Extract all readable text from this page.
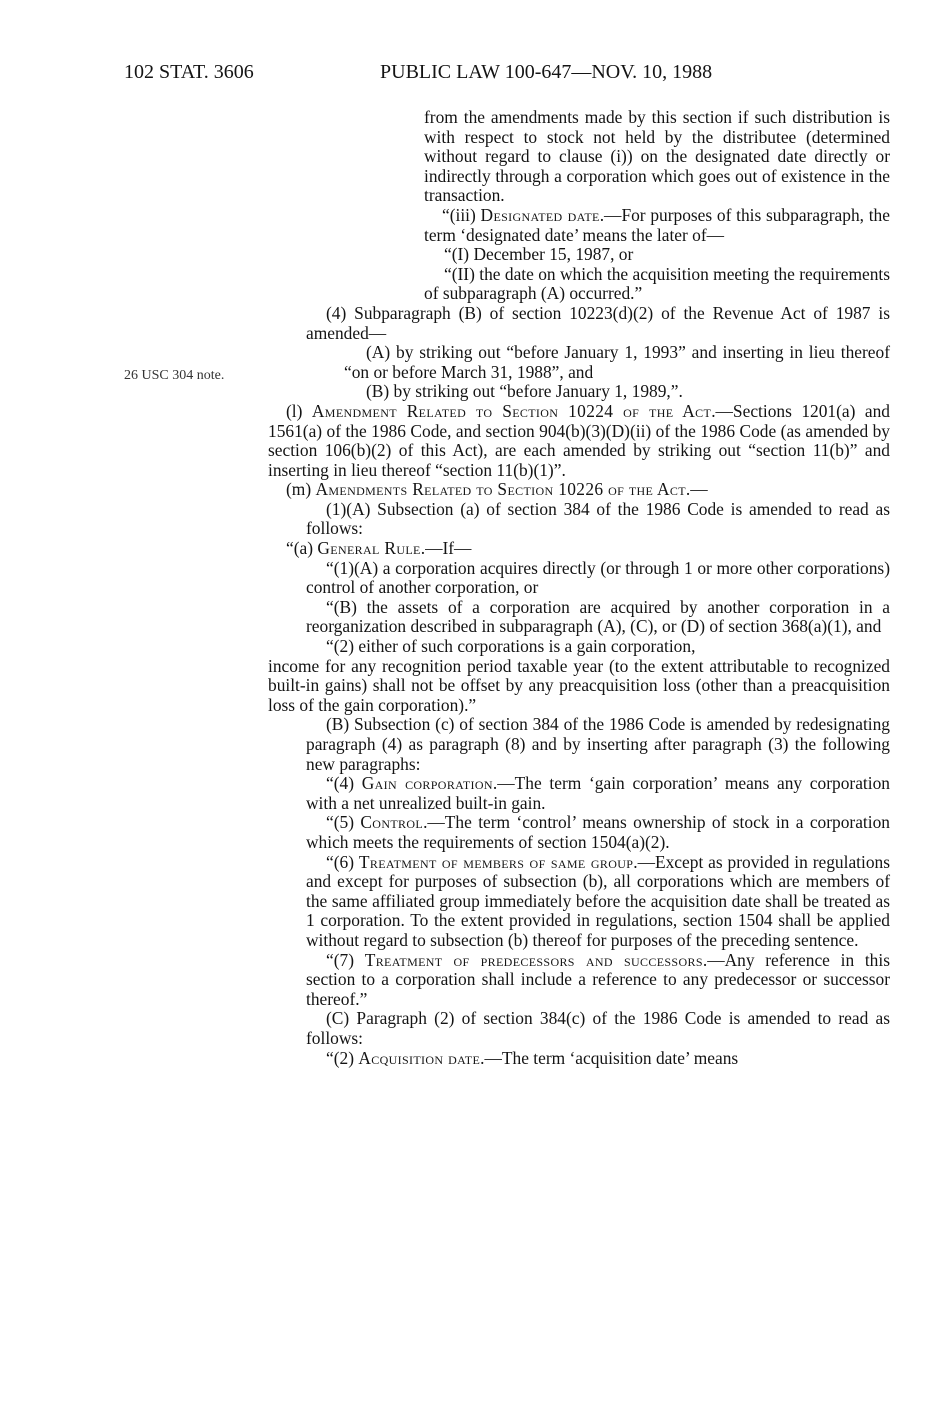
102 STAT. 3606	PUBLIC LAW 100-647—NOV. 10, 1988
26 USC 304 note.

from the amendments made by this section if such distribution is with respect to stock not held by the distributee (determined without regard to clause (i)) on the designated date directly or indirectly through a corporation which goes out of existence in the transaction.

“(iii) Designated date.—For purposes of this subparagraph, the term ‘designated date’ means the later of—

“(I) December 15, 1987, or

“(II) the date on which the acquisition meeting the requirements of subparagraph (A) occurred.”

(4) Subparagraph (B) of section 10223(d)(2) of the Revenue Act of 1987 is amended—

(A) by striking out “before January 1, 1993” and inserting in lieu thereof “on or before March 31, 1988”, and

(B) by striking out “before January 1, 1989,”.

(l) Amendment Related to Section 10224 of the Act.—Sections 1201(a) and 1561(a) of the 1986 Code, and section 904(b)(3)(D)(ii) of the 1986 Code (as amended by section 106(b)(2) of this Act), are each amended by striking out “section 11(b)” and inserting in lieu thereof “section 11(b)(1)”.

(m) Amendments Related to Section 10226 of the Act.—

(1)(A) Subsection (a) of section 384 of the 1986 Code is amended to read as follows:

“(a) General Rule.—If—

“(1)(A) a corporation acquires directly (or through 1 or more other corporations) control of another corporation, or

“(B) the assets of a corporation are acquired by another corporation in a reorganization described in subparagraph (A), (C), or (D) of section 368(a)(1), and

“(2) either of such corporations is a gain corporation,

income for any recognition period taxable year (to the extent attributable to recognized built-in gains) shall not be offset by any preacquisition loss (other than a preacquisition loss of the gain corporation).”

(B) Subsection (c) of section 384 of the 1986 Code is amended by redesignating paragraph (4) as paragraph (8) and by inserting after paragraph (3) the following new paragraphs:

“(4) Gain corporation.—The term ‘gain corporation’ means any corporation with a net unrealized built-in gain.

“(5) Control.—The term ‘control’ means ownership of stock in a corporation which meets the requirements of section 1504(a)(2).

“(6) Treatment of members of same group.—Except as provided in regulations and except for purposes of subsection (b), all corporations which are members of the same affiliated group immediately before the acquisition date shall be treated as 1 corporation. To the extent provided in regulations, section 1504 shall be applied without regard to subsection (b) thereof for purposes of the preceding sentence.

“(7) Treatment of predecessors and successors.—Any reference in this section to a corporation shall include a reference to any predecessor or successor thereof.”

(C) Paragraph (2) of section 384(c) of the 1986 Code is amended to read as follows:

“(2) Acquisition date.—The term ‘acquisition date’ means
